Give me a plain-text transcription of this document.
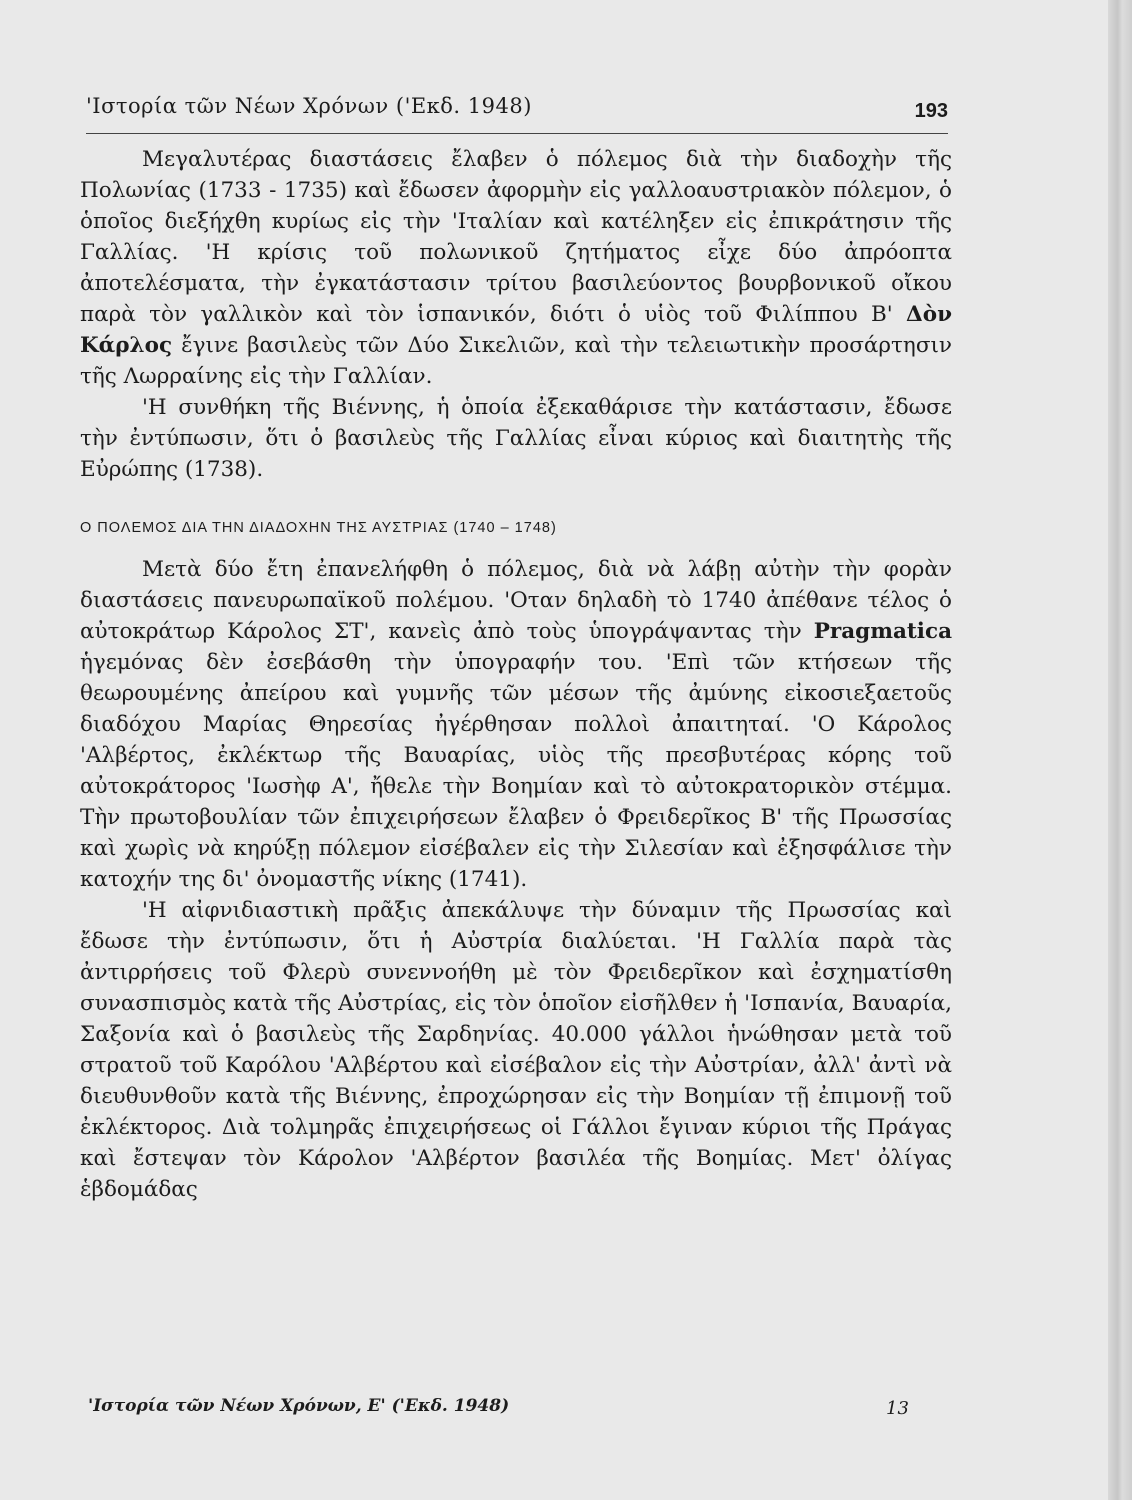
'Ιστορία τῶν Νέων Χρόνων ('Εκδ. 1948)	193

Μεγαλυτέρας διαστάσεις ἔλαβεν ὁ πόλεμος διὰ τὴν διαδοχὴν τῆς Πολωνίας (1733 - 1735) καὶ ἔδωσεν ἀφορμὴν εἰς γαλλοαυστριακὸν πόλεμον, ὁ ὁποῖος διεξήχθη κυρίως εἰς τὴν 'Ιταλίαν καὶ κατέληξεν εἰς ἐπικράτησιν τῆς Γαλλίας. 'Η κρίσις τοῦ πολωνικοῦ ζητήματος εἶχε δύο ἀπρόοπτα ἀποτελέσματα, τὴν ἐγκατάστασιν τρίτου βασιλεύοντος βουρβονικοῦ οἴκου παρὰ τὸν γαλλικὸν καὶ τὸν ἱσπανικόν, διότι ὁ υἱὸς τοῦ Φιλίππου Β' Δὸν Κάρλος ἔγινε βασιλεὺς τῶν Δύο Σικελιῶν, καὶ τὴν τελειωτικὴν προσάρτησιν τῆς Λωρραίνης εἰς τὴν Γαλλίαν.

'Η συνθήκη τῆς Βιέννης, ἡ ὁποία ἐξεκαθάρισε τὴν κατάστασιν, ἔδωσε τὴν ἐντύπωσιν, ὅτι ὁ βασιλεὺς τῆς Γαλλίας εἶναι κύριος καὶ διαιτητὴς τῆς Εὐρώπης (1738).

Ο ΠΟΛΕΜΟΣ ΔΙΑ ΤΗΝ ΔΙΑΔΟΧΗΝ ΤΗΣ ΑΥΣΤΡΙΑΣ (1740 – 1748)

Μετὰ δύο ἔτη ἐπανελήφθη ὁ πόλεμος, διὰ νὰ λάβῃ αὐτὴν τὴν φορὰν διαστάσεις πανευρωπαϊκοῦ πολέμου. 'Οταν δηλαδὴ τὸ 1740 ἀπέθανε τέλος ὁ αὐτοκράτωρ Κάρολος ΣΤ', κανεὶς ἀπὸ τοὺς ὑπογράψαντας τὴν Pragmatica ἡγεμόνας δὲν ἐσεβάσθη τὴν ὑπογραφήν του. 'Επὶ τῶν κτήσεων τῆς θεωρουμένης ἀπείρου καὶ γυμνῆς τῶν μέσων τῆς ἀμύνης εἰκοσιεξαετοῦς διαδόχου Μαρίας Θηρεσίας ἠγέρθησαν πολλοὶ ἀπαιτηταί. 'Ο Κάρολος 'Αλβέρτος, ἐκλέκτωρ τῆς Βαυαρίας, υἱὸς τῆς πρεσβυτέρας κόρης τοῦ αὐτοκράτορος 'Ιωσὴφ Α', ἤθελε τὴν Βοημίαν καὶ τὸ αὐτοκρατορικὸν στέμμα. Τὴν πρωτοβουλίαν τῶν ἐπιχειρήσεων ἔλαβεν ὁ Φρειδερῖκος Β' τῆς Πρωσσίας καὶ χωρὶς νὰ κηρύξῃ πόλεμον εἰσέβαλεν εἰς τὴν Σιλεσίαν καὶ ἐξησφάλισε τὴν κατοχήν της δι' ὀνομαστῆς νίκης (1741).

'Η αἰφνιδιαστικὴ πρᾶξις ἀπεκάλυψε τὴν δύναμιν τῆς Πρωσσίας καὶ ἔδωσε τὴν ἐντύπωσιν, ὅτι ἡ Αὐστρία διαλύεται. 'Η Γαλλία παρὰ τὰς ἀντιρρήσεις τοῦ Φλερὺ συνεννοήθη μὲ τὸν Φρειδερῖκον καὶ ἐσχηματίσθη συνασπισμὸς κατὰ τῆς Αὐστρίας, εἰς τὸν ὁποῖον εἰσῆλθεν ἡ 'Ισπανία, Βαυαρία, Σαξονία καὶ ὁ βασιλεὺς τῆς Σαρδηνίας. 40.000 γάλλοι ἡνώθησαν μετὰ τοῦ στρατοῦ τοῦ Καρόλου 'Αλβέρτου καὶ εἰσέβαλον εἰς τὴν Αὐστρίαν, ἀλλ' ἀντὶ νὰ διευθυνθοῦν κατὰ τῆς Βιέννης, ἐπροχώρησαν εἰς τὴν Βοημίαν τῇ ἐπιμονῇ τοῦ ἐκλέκτορος. Διὰ τολμηρᾶς ἐπιχειρήσεως οἱ Γάλλοι ἔγιναν κύριοι τῆς Πράγας καὶ ἔστεψαν τὸν Κάρολον 'Αλβέρτον βασιλέα τῆς Βοημίας. Μετ' ὀλίγας ἑβδομάδας

'Ιστορία τῶν Νέων Χρόνων, Ε' ('Εκδ. 1948)	13
